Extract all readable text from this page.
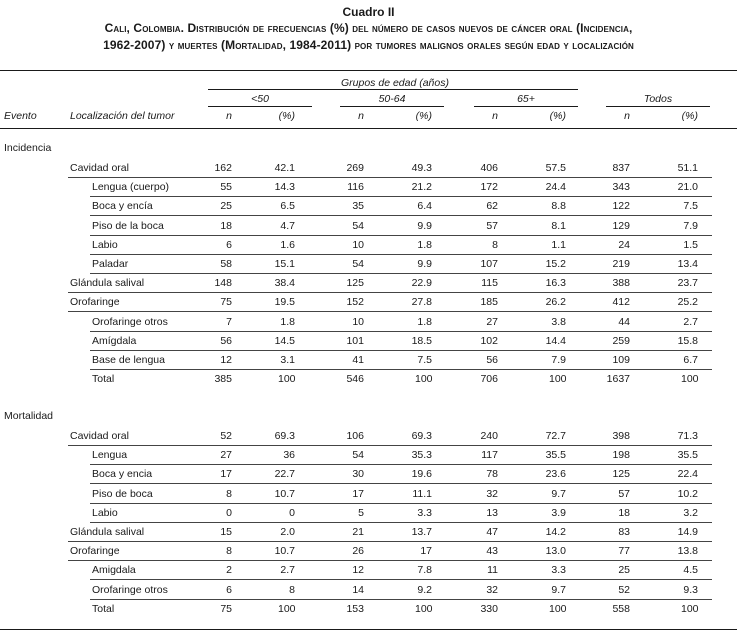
Cuadro II
Cali, Colombia. Distribución de frecuencias (%) del número de casos nuevos de cáncer oral (Incidencia,
1962-2007) y muertes (Mortalidad, 1984-2011) por tumores malignos orales según edad y localización
Grupos de edad (años)
<50	50-64	65+	Todos
Evento	Localización del tumor	n	(%)	n	(%)	n	(%)	n	(%)
Incidencia
Cavidad oral	162	42.1	269	49.3	406	57.5	837	51.1
Lengua (cuerpo)	55	14.3	116	21.2	172	24.4	343	21.0
Boca y encía	25	6.5	35	6.4	62	8.8	122	7.5
Piso de la boca	18	4.7	54	9.9	57	8.1	129	7.9
Labio	6	1.6	10	1.8	8	1.1	24	1.5
Paladar	58	15.1	54	9.9	107	15.2	219	13.4
Glándula salival	148	38.4	125	22.9	115	16.3	388	23.7
Orofaringe	75	19.5	152	27.8	185	26.2	412	25.2
Orofaringe otros	7	1.8	10	1.8	27	3.8	44	2.7
Amígdala	56	14.5	101	18.5	102	14.4	259	15.8
Base de lengua	12	3.1	41	7.5	56	7.9	109	6.7
Total	385	100	546	100	706	100	1637	100
Mortalidad
Cavidad oral	52	69.3	106	69.3	240	72.7	398	71.3
Lengua	27	36	54	35.3	117	35.5	198	35.5
Boca y encia	17	22.7	30	19.6	78	23.6	125	22.4
Piso de boca	8	10.7	17	11.1	32	9.7	57	10.2
Labio	0	0	5	3.3	13	3.9	18	3.2
Glándula salival	15	2.0	21	13.7	47	14.2	83	14.9
Orofaringe	8	10.7	26	17	43	13.0	77	13.8
Amigdala	2	2.7	12	7.8	11	3.3	25	4.5
Orofaringe otros	6	8	14	9.2	32	9.7	52	9.3
Total	75	100	153	100	330	100	558	100
